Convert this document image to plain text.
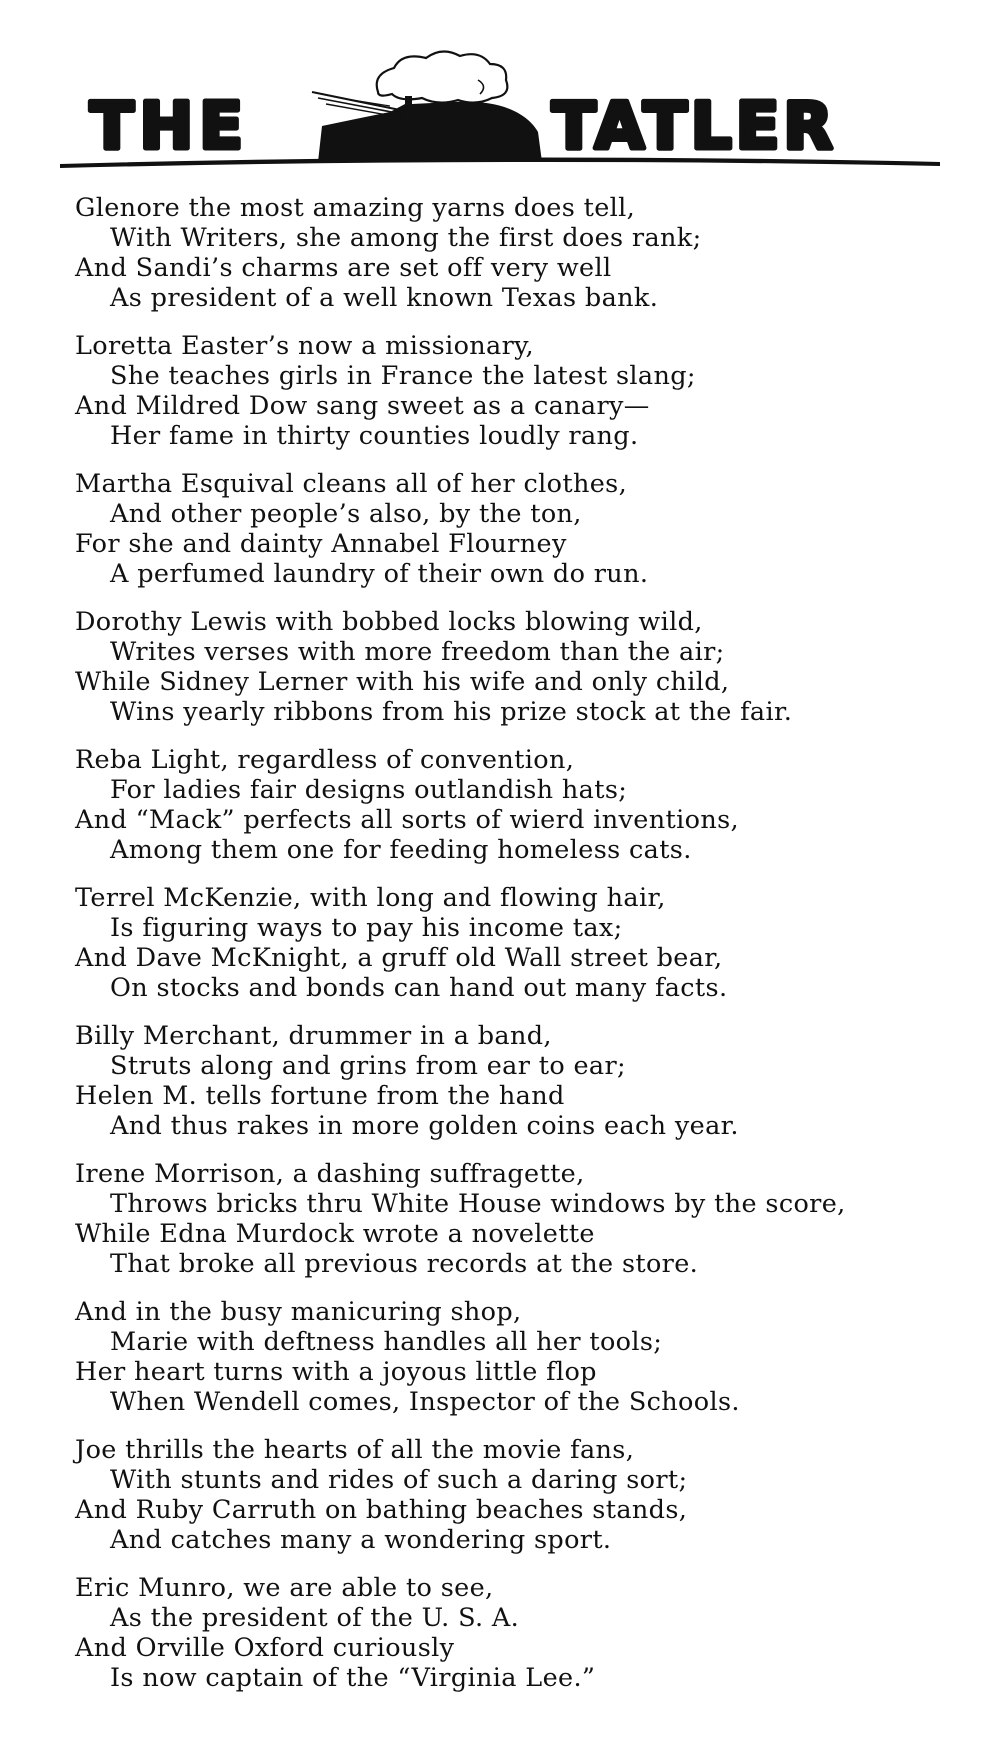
THE	TATLER
Glenore the most amazing yarns does tell,
With Writers, she among the first does rank;
And Sandi’s charms are set off very well
As president of a well known Texas bank.
Loretta Easter’s now a missionary,
She teaches girls in France the latest slang;
And Mildred Dow sang sweet as a canary—
Her fame in thirty counties loudly rang.
Martha Esquival cleans all of her clothes,
And other people’s also, by the ton,
For she and dainty Annabel Flourney
A perfumed laundry of their own do run.
Dorothy Lewis with bobbed locks blowing wild,
Writes verses with more freedom than the air;
While Sidney Lerner with his wife and only child,
Wins yearly ribbons from his prize stock at the fair.
Reba Light, regardless of convention,
For ladies fair designs outlandish hats;
And “Mack” perfects all sorts of wierd inventions,
Among them one for feeding homeless cats.
Terrel McKenzie, with long and flowing hair,
Is figuring ways to pay his income tax;
And Dave McKnight, a gruff old Wall street bear,
On stocks and bonds can hand out many facts.
Billy Merchant, drummer in a band,
Struts along and grins from ear to ear;
Helen M. tells fortune from the hand
And thus rakes in more golden coins each year.
Irene Morrison, a dashing suffragette,
Throws bricks thru White House windows by the score,
While Edna Murdock wrote a novelette
That broke all previous records at the store.
And in the busy manicuring shop,
Marie with deftness handles all her tools;
Her heart turns with a joyous little flop
When Wendell comes, Inspector of the Schools.
Joe thrills the hearts of all the movie fans,
With stunts and rides of such a daring sort;
And Ruby Carruth on bathing beaches stands,
And catches many a wondering sport.
Eric Munro, we are able to see,
As the president of the U. S. A.
And Orville Oxford curiously
Is now captain of the “Virginia Lee.”
